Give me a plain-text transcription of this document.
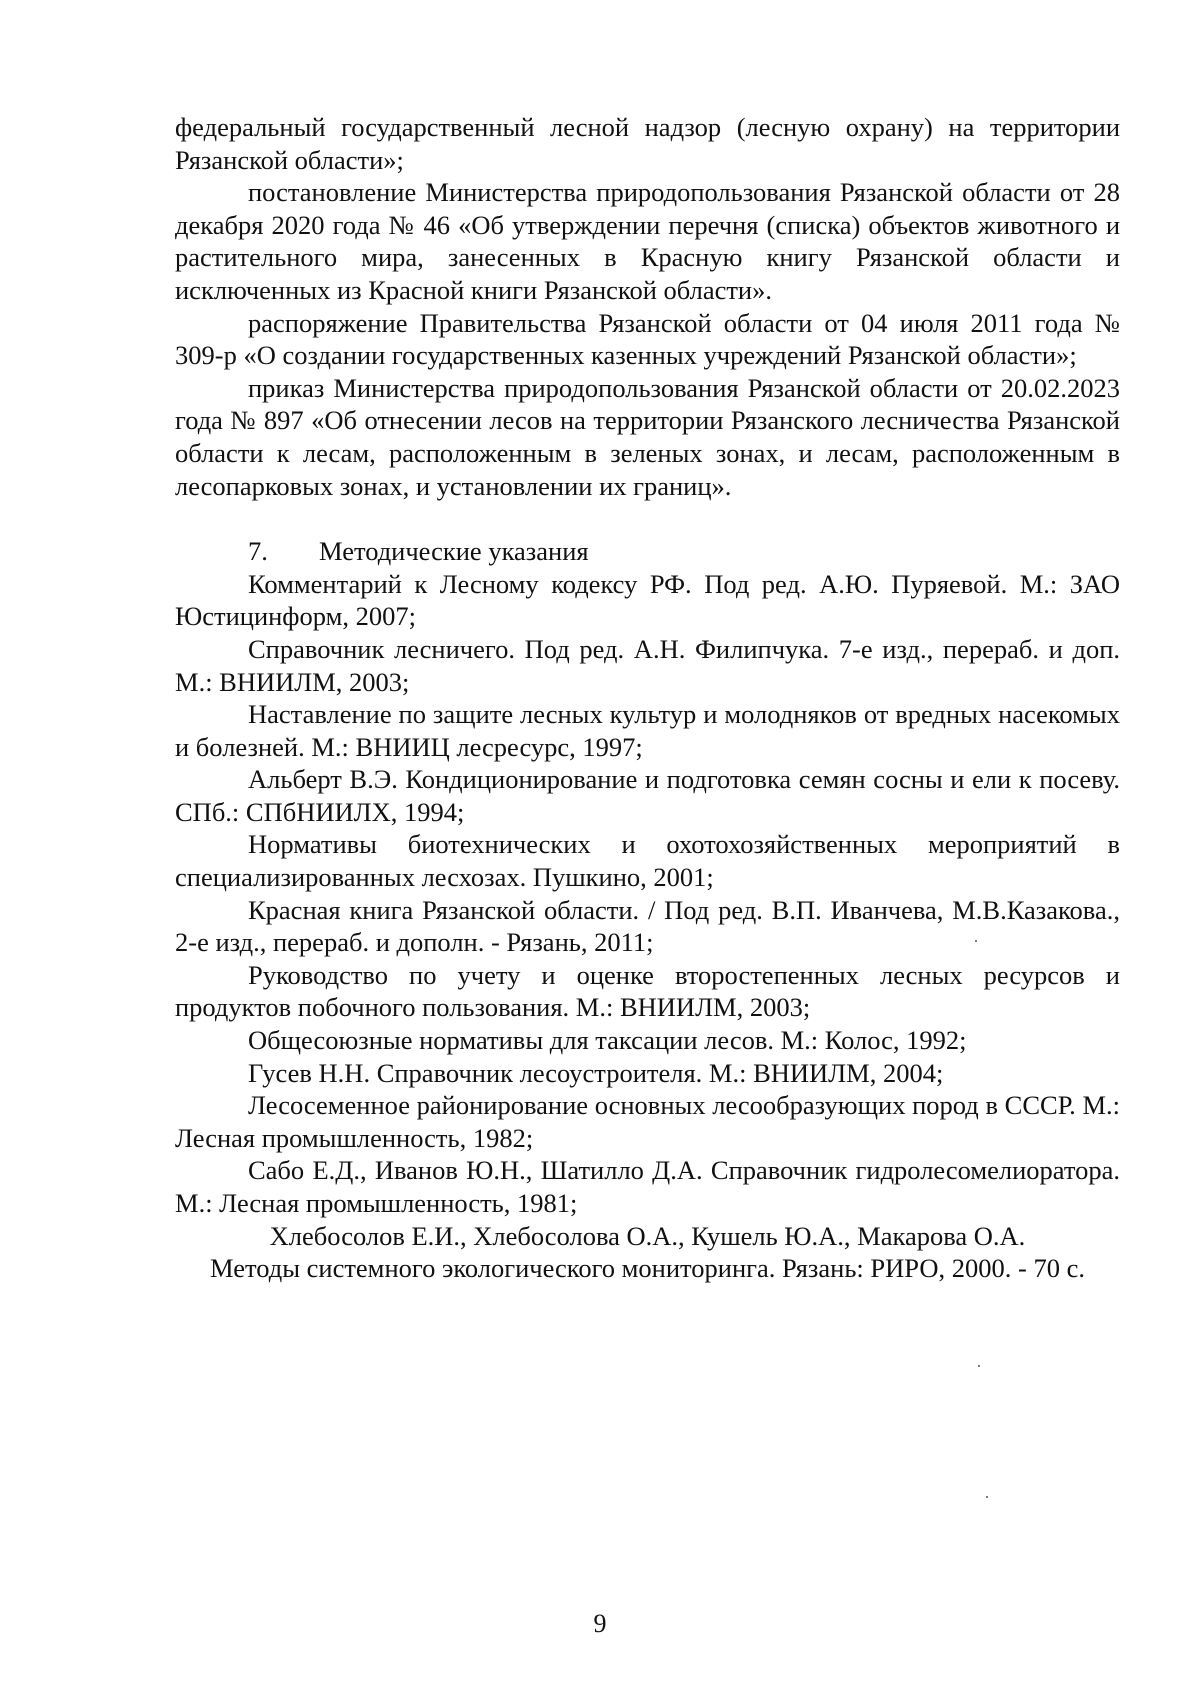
федеральный государственный лесной надзор (лесную охрану) на территории Рязанской области»;

постановление Министерства природопользования Рязанской области от 28 декабря 2020 года № 46 «Об утверждении перечня (списка) объектов животного и растительного мира, занесенных в Красную книгу Рязанской области и исключенных из Красной книги Рязанской области».

распоряжение Правительства Рязанской области от 04 июля 2011 года № 309-р «О создании государственных казенных учреждений Рязанской области»;

приказ Министерства природопользования Рязанской области от 20.02.2023 года № 897 «Об отнесении лесов на территории Рязанского лесничества Рязанской области к лесам, расположенным в зеленых зонах, и лесам, расположенным в лесопарковых зонах, и установлении их границ».

7. Методические указания

Комментарий к Лесному кодексу РФ. Под ред. А.Ю. Пуряевой. М.: ЗАО Юстицинформ, 2007;

Справочник лесничего. Под ред. А.Н. Филипчука. 7-е изд., перераб. и доп. М.: ВНИИЛМ, 2003;

Наставление по защите лесных культур и молодняков от вредных насекомых и болезней. М.: ВНИИЦ лесресурс, 1997;

Альберт В.Э. Кондиционирование и подготовка семян сосны и ели к посеву. СПб.: СПбНИИЛХ, 1994;

Нормативы биотехнических и охотохозяйственных мероприятий в специализированных лесхозах. Пушкино, 2001;

Красная книга Рязанской области. / Под ред. В.П. Иванчева, М.В.Казакова., 2-е изд., перераб. и дополн. - Рязань, 2011;

Руководство по учету и оценке второстепенных лесных ресурсов и продуктов побочного пользования. М.: ВНИИЛМ, 2003;

Общесоюзные нормативы для таксации лесов. М.: Колос, 1992;

Гусев Н.Н. Справочник лесоустроителя. М.: ВНИИЛМ, 2004;

Лесосеменное районирование основных лесообразующих пород в СССР. М.: Лесная промышленность, 1982;

Сабо Е.Д., Иванов Ю.Н., Шатилло Д.А. Справочник гидролесомелиоратора. М.: Лесная промышленность, 1981;

Хлебосолов Е.И., Хлебосолова О.А., Кушель Ю.А., Макарова О.А.

Методы системного экологического мониторинга. Рязань: РИРО, 2000. - 70 с.

9
